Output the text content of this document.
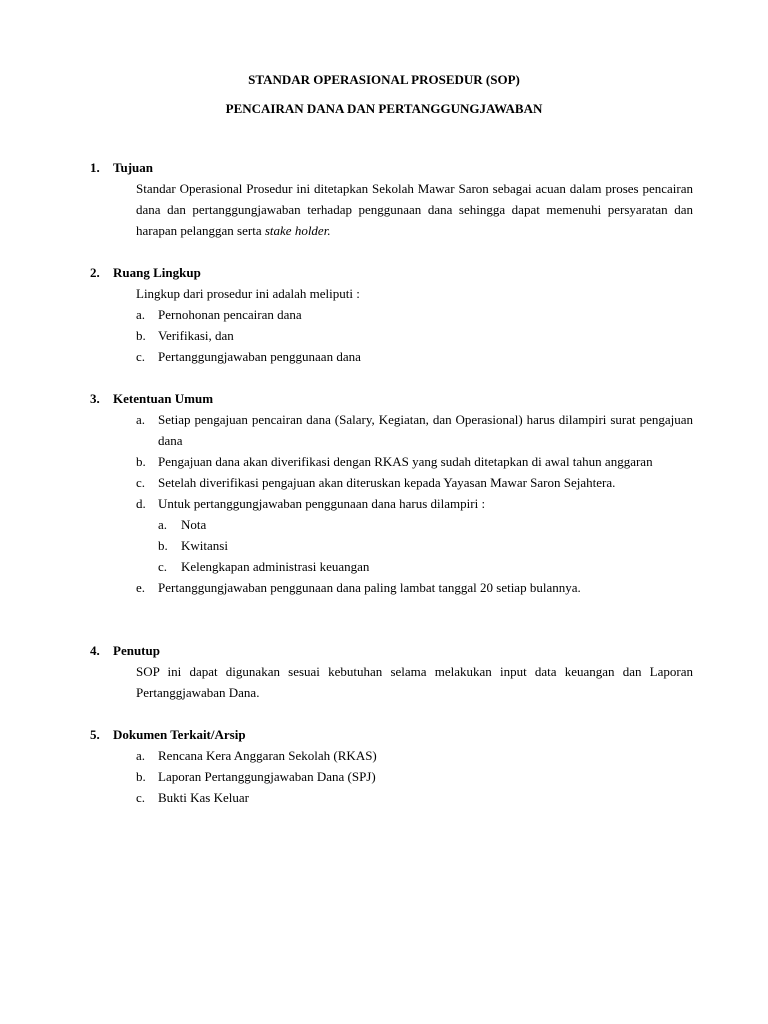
STANDAR OPERASIONAL PROSEDUR (SOP)
PENCAIRAN DANA DAN PERTANGGUNGJAWABAN
1. Tujuan
Standar Operasional Prosedur ini ditetapkan Sekolah Mawar Saron sebagai acuan dalam proses pencairan dana dan pertanggungjawaban terhadap penggunaan dana sehingga dapat memenuhi persyaratan dan harapan pelanggan serta stake holder.
2. Ruang Lingkup
Lingkup dari prosedur ini adalah meliputi :
a. Pernohonan pencairan dana
b. Verifikasi, dan
c. Pertanggungjawaban penggunaan dana
3. Ketentuan Umum
a. Setiap pengajuan pencairan dana (Salary, Kegiatan, dan Operasional) harus dilampiri surat pengajuan dana
b. Pengajuan dana akan diverifikasi dengan RKAS yang sudah ditetapkan di awal tahun anggaran
c. Setelah diverifikasi pengajuan akan diteruskan kepada Yayasan Mawar Saron Sejahtera.
d. Untuk pertanggungjawaban penggunaan dana harus dilampiri :
a. Nota
b. Kwitansi
c. Kelengkapan administrasi keuangan
e. Pertanggungjawaban penggunaan dana paling lambat tanggal 20 setiap bulannya.
4. Penutup
SOP ini dapat digunakan sesuai kebutuhan selama melakukan input data keuangan dan Laporan Pertanggjawaban Dana.
5. Dokumen Terkait/Arsip
a. Rencana Kera Anggaran Sekolah (RKAS)
b. Laporan Pertanggungjawaban Dana (SPJ)
c. Bukti Kas Keluar
